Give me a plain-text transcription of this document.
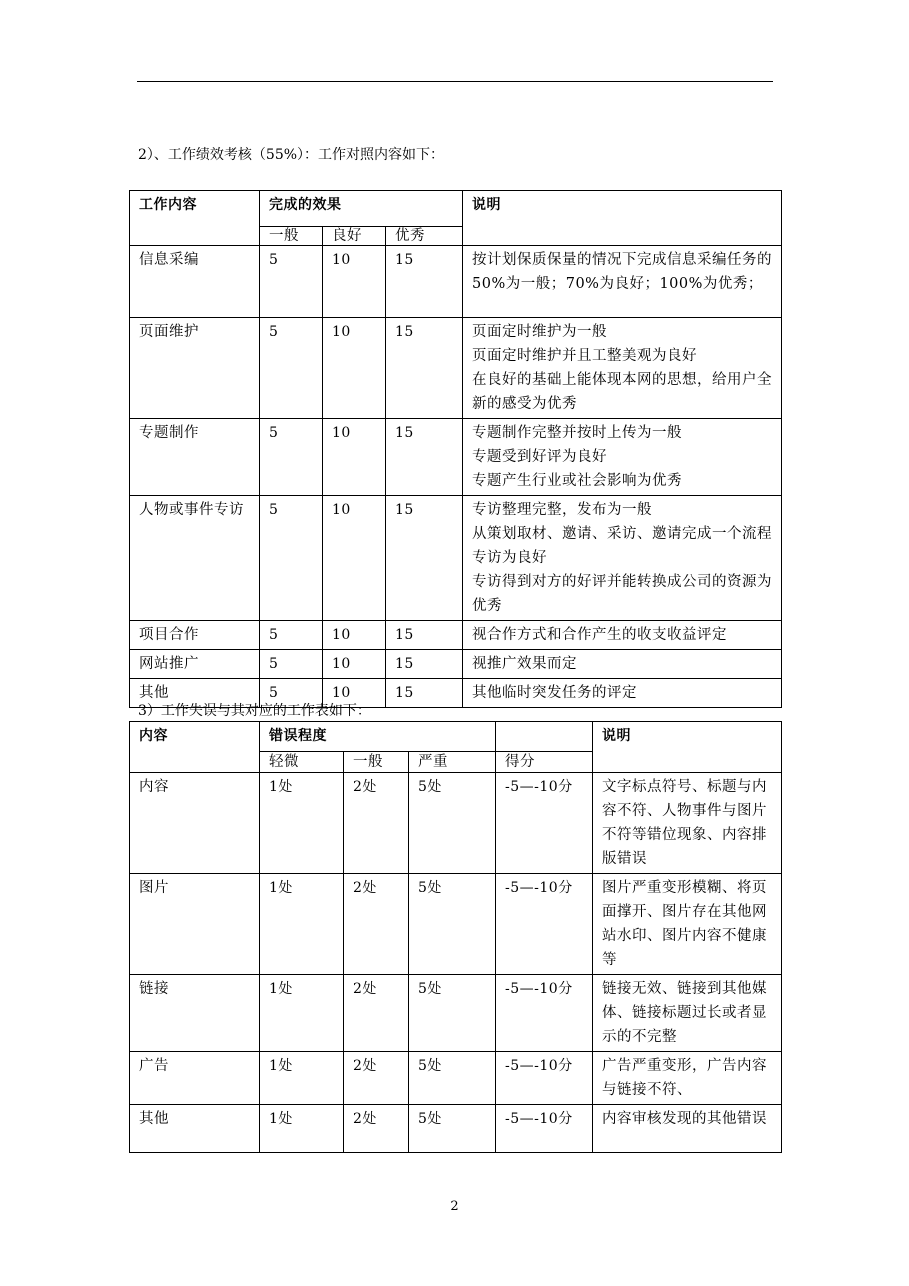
2）、工作绩效考核（55%）：工作对照内容如下：
工作内容	完成的效果			说明
	一般	良好	优秀	
信息采编	5	10	15	按计划保质保量的情况下完成信息采编任务的50%为一般；70%为良好；100%为优秀；

页面维护	5	10	15	页面定时维护为一般
页面定时维护并且工整美观为良好
在良好的基础上能体现本网的思想，给用户全新的感受为优秀

专题制作	5	10	15	专题制作完整并按时上传为一般
专题受到好评为良好
专题产生行业或社会影响为优秀

人物或事件专访	5	10	15	专访整理完整，发布为一般
从策划取材、邀请、采访、邀请完成一个流程专访为良好
专访得到对方的好评并能转换成公司的资源为优秀

项目合作	5	10	15	视合作方式和合作产生的收支收益评定

网站推广	5	10	15	视推广效果而定

其他	5	10	15	其他临时突发任务的评定
3）工作失误与其对应的工作表如下：
内容	错误程度				说明
	轻微	一般	严重	得分	
内容	1处	2处	5处	-5—-10分	文字标点符号、标题与内容不符、人物事件与图片不符等错位现象、内容排版错误
图片	1处	2处	5处	-5—-10分	图片严重变形模糊、将页面撑开、图片存在其他网站水印、图片内容不健康等
链接	1处	2处	5处	-5—-10分	链接无效、链接到其他媒体、链接标题过长或者显示的不完整
广告	1处	2处	5处	-5—-10分	广告严重变形，广告内容与链接不符、
其他	1处	2处	5处	-5—-10分	内容审核发现的其他错误
2
